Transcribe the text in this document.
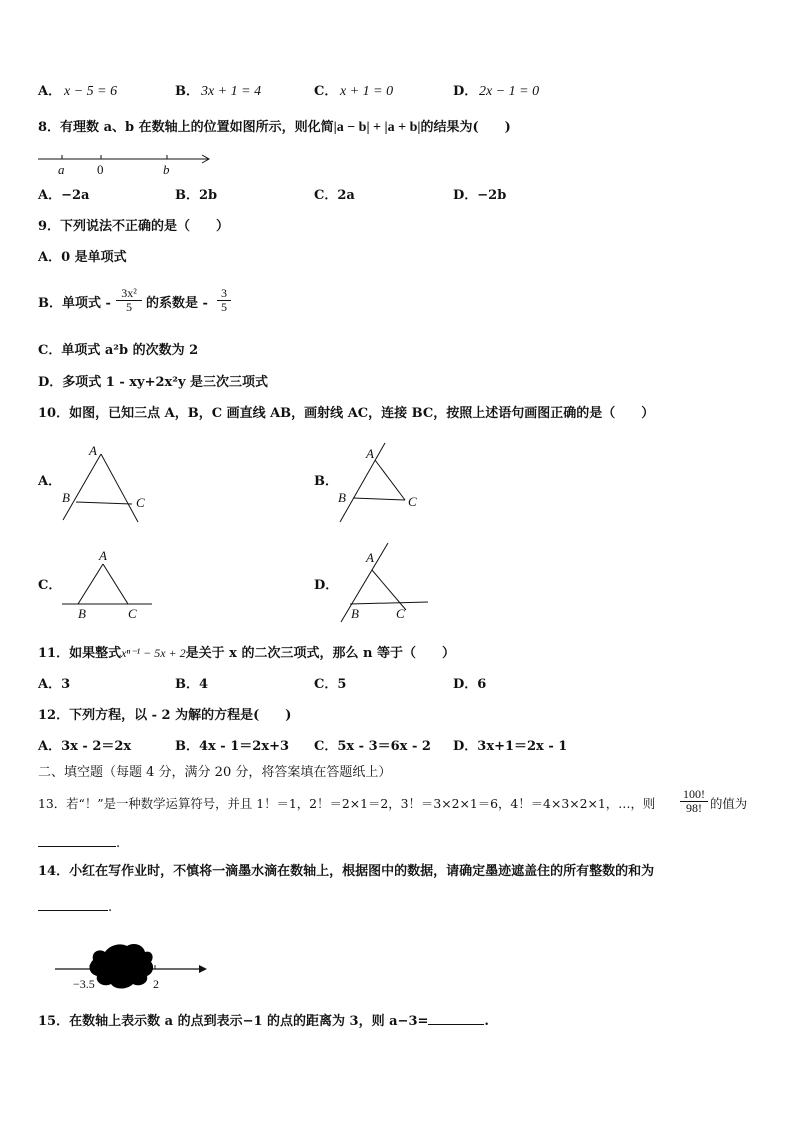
A． x − 5 = 6	B． 3x + 1 = 4	C． x + 1 = 0	D． 2x − 1 = 0
8．有理数 a、b 在数轴上的位置如图所示，则化简|a − b| + |a + b|的结果为(　　)
a	0	b
A．−2a	B．2b	C．2a	D．−2b
9．下列说法不正确的是（　　）
A．0 是单项式
B．单项式 - $\frac{\text{3x²}}{5}$ 的系数是 - $\frac{3}{5}$
C．单项式 a²b 的次数为 2
D．多项式 1 - xy+2x²y 是三次三项式
10．如图，已知三点 A，B，C 画直线 AB，画射线 AC，连接 BC，按照上述语句画图正确的是（　　）
A．
A
B	C
B．
A
B	C
C．
A
B	C
D．
A
B	C
11．如果整式xⁿ⁻¹ − 5x + 2是关于 x 的二次三项式，那么 n 等于（　　）
A．3	B．4	C．5	D．6
12．下列方程，以 - 2 为解的方程是(　　)
A．3x - 2＝2x	B．4x - 1＝2x+3 C．5x - 3＝6x - 2 D．3x+1＝2x - 1
二、填空题（每题 4 分，满分 20 分，将答案填在答题纸上）
13．若“！”是一种数学运算符号，并且 1！＝1，2！＝2×1＝2，3！＝3×2×1＝6，4！＝4×3×2×1，…，则 $\frac{100!}{98!}$ 的值为
.
14．小红在写作业时，不慎将一滴墨水滴在数轴上，根据图中的数据，请确定墨迹遮盖住的所有整数的和为
.
−3.5	2
15．在数轴上表示数 a 的点到表示−1 的点的距离为 3，则 a−3=	.
